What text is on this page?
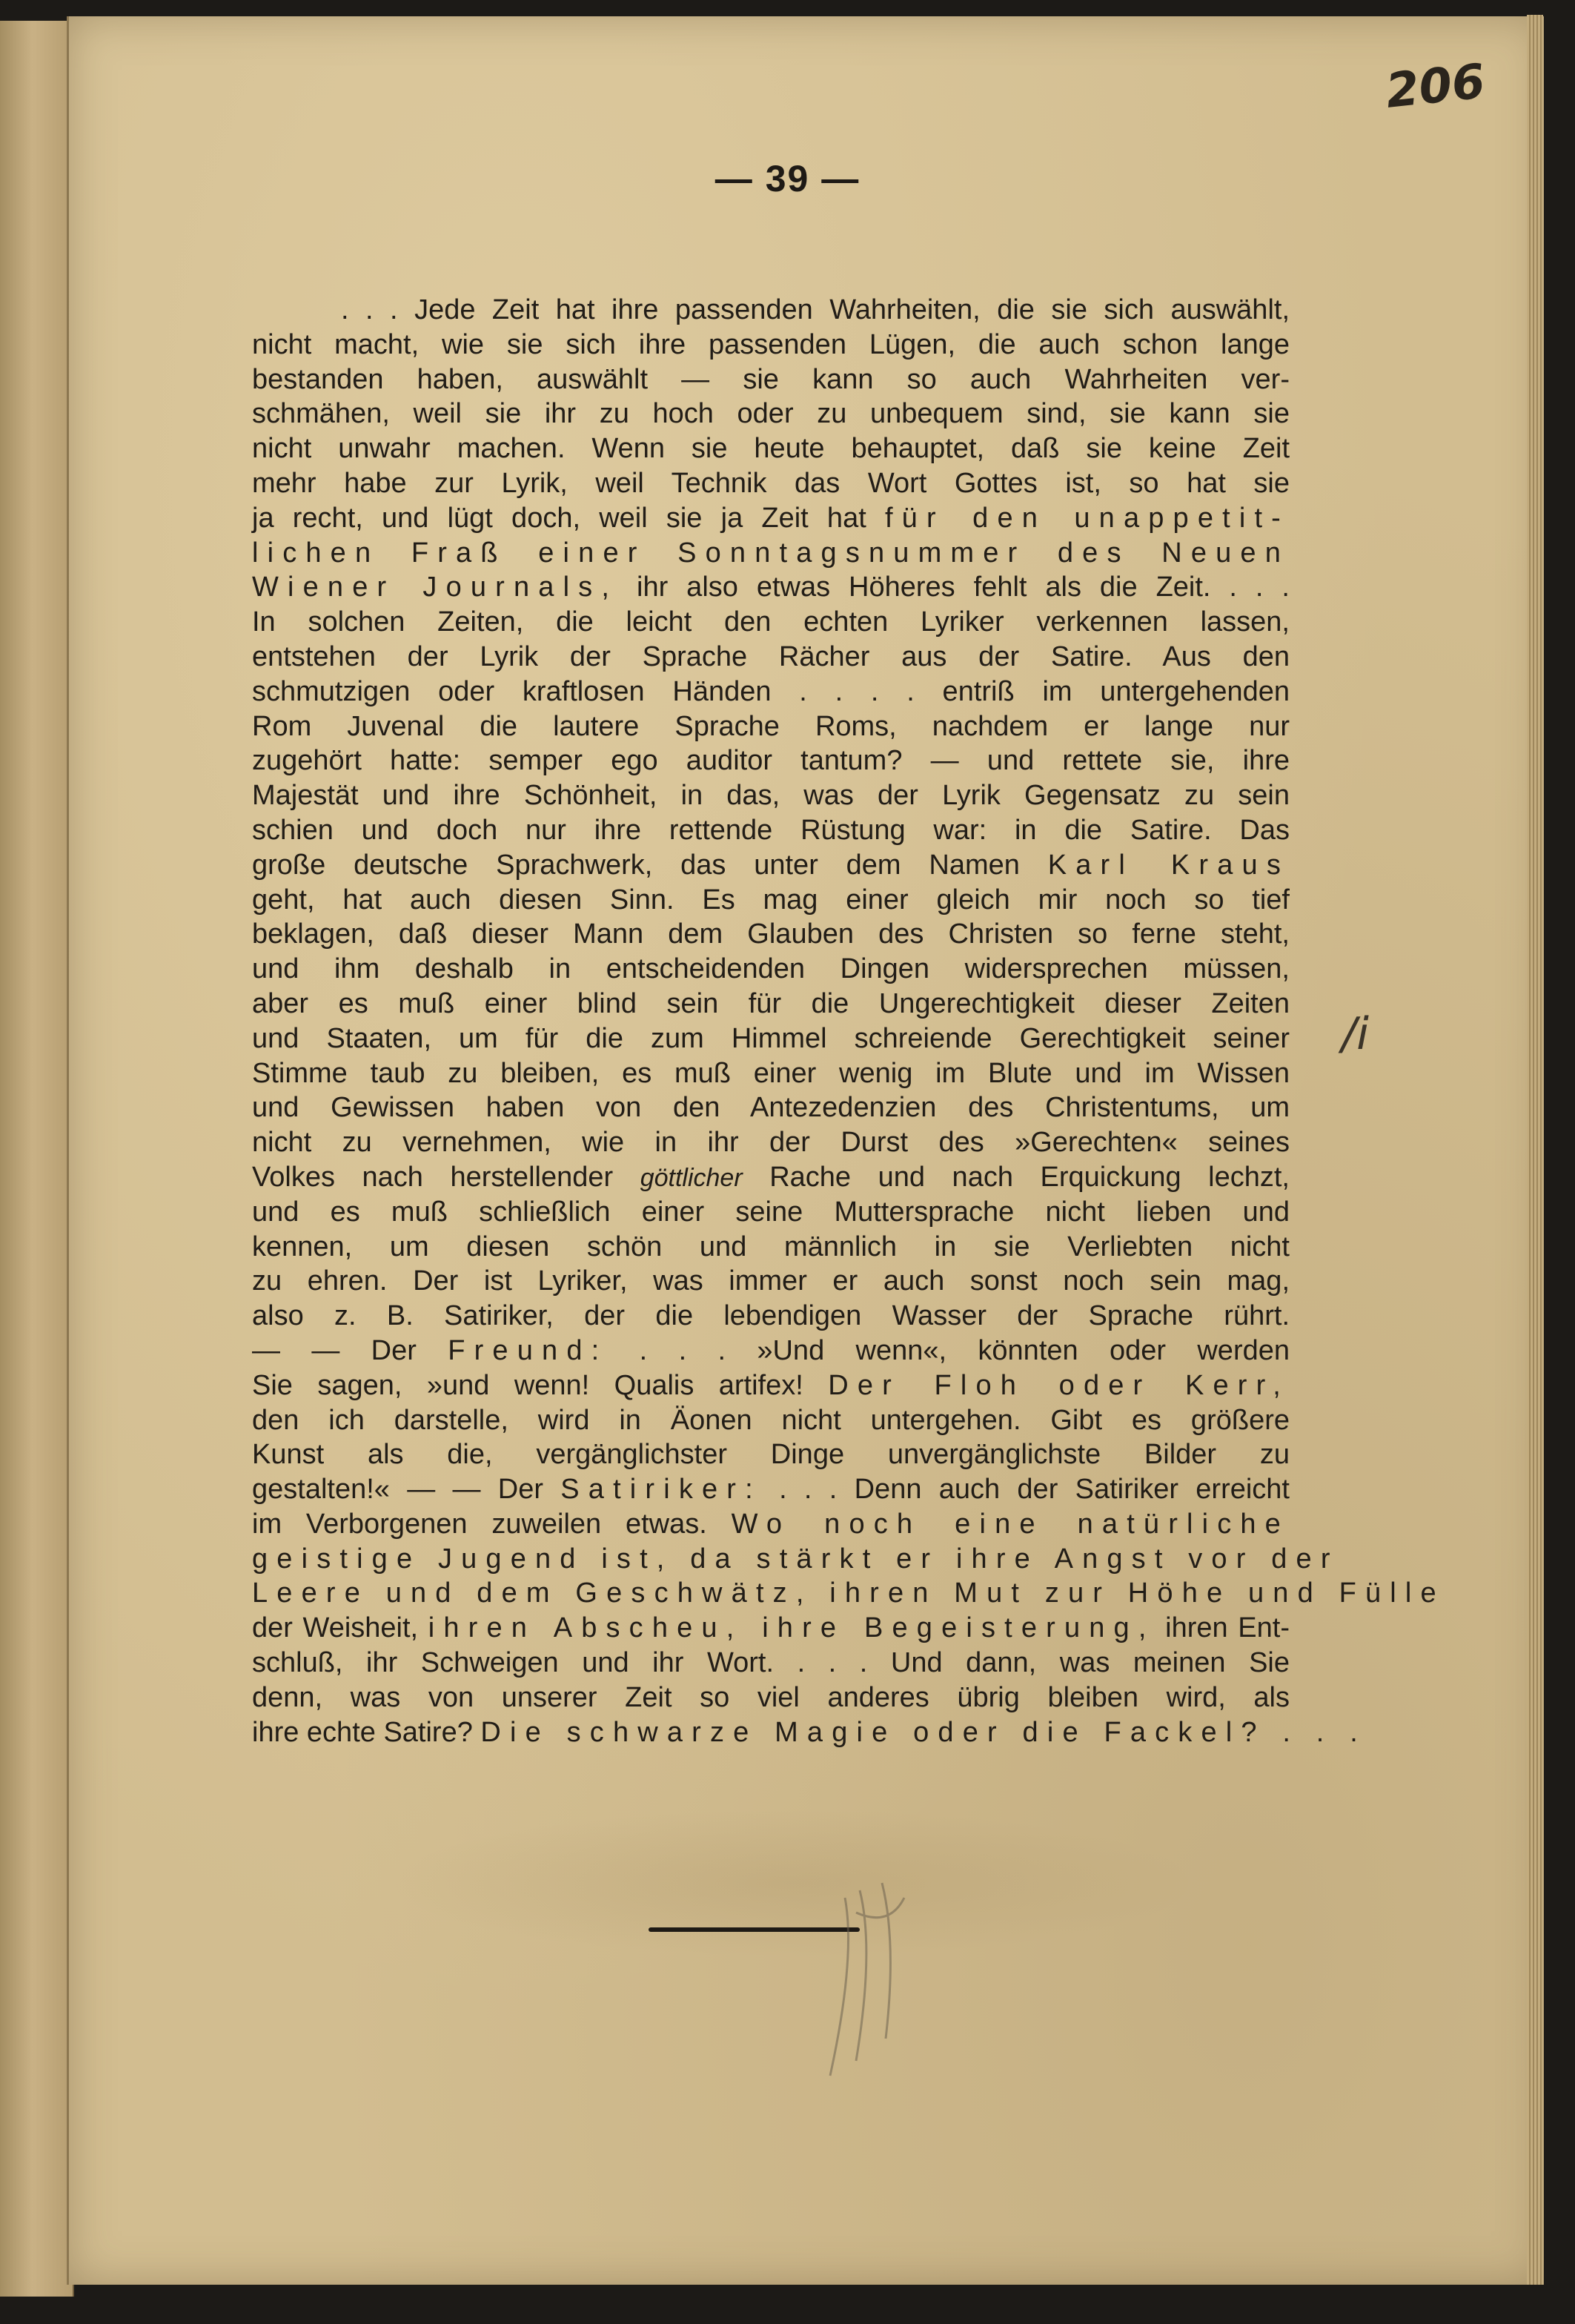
206
— 39 —
. . . Jede Zeit hat ihre passenden Wahrheiten, die sie sich auswählt,
nicht macht, wie sie sich ihre passenden Lügen, die auch schon lange
bestanden haben, auswählt — sie kann so auch Wahrheiten ver-
schmähen, weil sie ihr zu hoch oder zu unbequem sind, sie kann sie
nicht unwahr machen. Wenn sie heute behauptet, daß sie keine Zeit
mehr habe zur Lyrik, weil Technik das Wort Gottes ist, so hat sie
ja recht, und lügt doch, weil sie ja Zeit hat für den unappetit-
lichen Fraß einer Sonntagsnummer des Neuen
Wiener Journals, ihr also etwas Höheres fehlt als die Zeit. . . .
In solchen Zeiten, die leicht den echten Lyriker verkennen lassen,
entstehen der Lyrik der Sprache Rächer aus der Satire. Aus den
schmutzigen oder kraftlosen Händen . . . . entriß im untergehenden
Rom Juvenal die lautere Sprache Roms, nachdem er lange nur
zugehört hatte: semper ego auditor tantum? — und rettete sie, ihre
Majestät und ihre Schönheit, in das, was der Lyrik Gegensatz zu sein
schien und doch nur ihre rettende Rüstung war: in die Satire. Das
große deutsche Sprachwerk, das unter dem Namen Karl Kraus
geht, hat auch diesen Sinn. Es mag einer gleich mir noch so tief
beklagen, daß dieser Mann dem Glauben des Christen so ferne steht,
und ihm deshalb in entscheidenden Dingen widersprechen müssen,
aber es muß einer blind sein für die Ungerechtigkeit dieser Zeiten
und Staaten, um für die zum Himmel schreiende Gerechtigkeit seiner
Stimme taub zu bleiben, es muß einer wenig im Blute und im Wissen
und Gewissen haben von den Antezedenzien des Christentums, um
nicht zu vernehmen, wie in ihr der Durst des »Gerechten« seines
Volkes nach herstellender göttlicher Rache und nach Erquickung lechzt,
und es muß schließlich einer seine Muttersprache nicht lieben und
kennen, um diesen schön und männlich in sie Verliebten nicht
zu ehren. Der ist Lyriker, was immer er auch sonst noch sein mag,
also z. B. Satiriker, der die lebendigen Wasser der Sprache rührt.
— — Der Freund: . . . »Und wenn«, könnten oder werden
Sie sagen, »und wenn! Qualis artifex! Der Floh oder Kerr,
den ich darstelle, wird in Äonen nicht untergehen. Gibt es größere
Kunst als die, vergänglichster Dinge unvergänglichste Bilder zu
gestalten!« — — Der Satiriker: . . . Denn auch der Satiriker erreicht
im Verborgenen zuweilen etwas. Wo noch eine natürliche
geistige Jugend ist, da stärkt er ihre Angst vor der
Leere und dem Geschwätz, ihren Mut zur Höhe und Fülle
der Weisheit, ihren Abscheu, ihre Begeisterung, ihren Ent-
schluß, ihr Schweigen und ihr Wort. . . . Und dann, was meinen Sie
denn, was von unserer Zeit so viel anderes übrig bleiben wird, als
ihre echte Satire? Die schwarze Magie oder die Fackel? . . .
/i
